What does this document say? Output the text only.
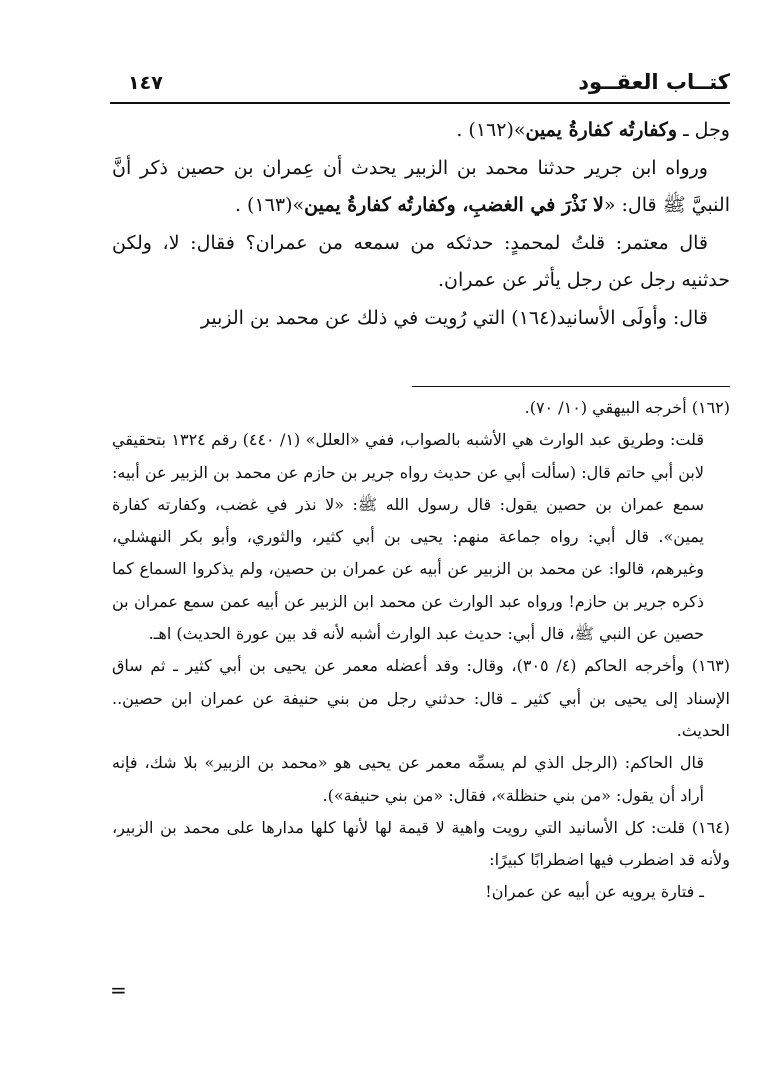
كتــاب العقــود
١٤٧

وجل ـ وكفارتُه كفارةُ يمين»(١٦٢) .

ورواه ابن جرير حدثنا محمد بن الزبير يحدث أن عِمران بن حصين ذكر أنَّ النبيَّ ﷺ قال: «لا نَذْرَ في الغضبِ، وكفارتُه كفارةُ يمين»(١٦٣) .

قال معتمر: قلتُ لمحمدٍ: حدثكه من سمعه من عمران؟ فقال: لا، ولكن حدثنيه رجل عن رجل يأثر عن عمران.

قال: وأولَى الأسانيد(١٦٤) التي رُويت في ذلك عن محمد بن الزبير

(١٦٢) أخرجه البيهقي (١٠/ ٧٠).

قلت: وطريق عبد الوارث هي الأشبه بالصواب، ففي «العلل» (١/ ٤٤٠) رقم ١٣٢٤ بتحقيقي لابن أبي حاتم قال: (سألت أبي عن حديث رواه جرير بن حازم عن محمد بن الزبير عن أبيه: سمع عمران بن حصين يقول: قال رسول الله ﷺ: «لا نذر في غضب، وكفارته كفارة يمين». قال أبي: رواه جماعة منهم: يحيى بن أبي كثير، والثوري، وأبو بكر النهشلي، وغيرهم، قالوا: عن محمد بن الزبير عن أبيه عن عمران بن حصين، ولم يذكروا السماع كما ذكره جرير بن حازم! ورواه عبد الوارث عن محمد ابن الزبير عن أبيه عمن سمع عمران بن حصين عن النبي ﷺ، قال أبي: حديث عبد الوارث أشبه لأنه قد بين عورة الحديث) اهـ.

(١٦٣) وأخرجه الحاكم (٤/ ٣٠٥)، وقال: وقد أعضله معمر عن يحيى بن أبي كثير ـ ثم ساق الإسناد إلى يحيى بن أبي كثير ـ قال: حدثني رجل من بني حنيفة عن عمران ابن حصين.. الحديث.

قال الحاكم: (الرجل الذي لم يسمِّه معمر عن يحيى هو «محمد بن الزبير» بلا شك، فإنه أراد أن يقول: «من بني حنظلة»، فقال: «من بني حنيفة»).

(١٦٤) قلت: كل الأسانيد التي رويت واهية لا قيمة لها لأنها كلها مدارها على محمد بن الزبير، ولأنه قد اضطرب فيها اضطرابًا كبيرًا:

ـ فتارة يرويه عن أبيه عن عمران!

=
